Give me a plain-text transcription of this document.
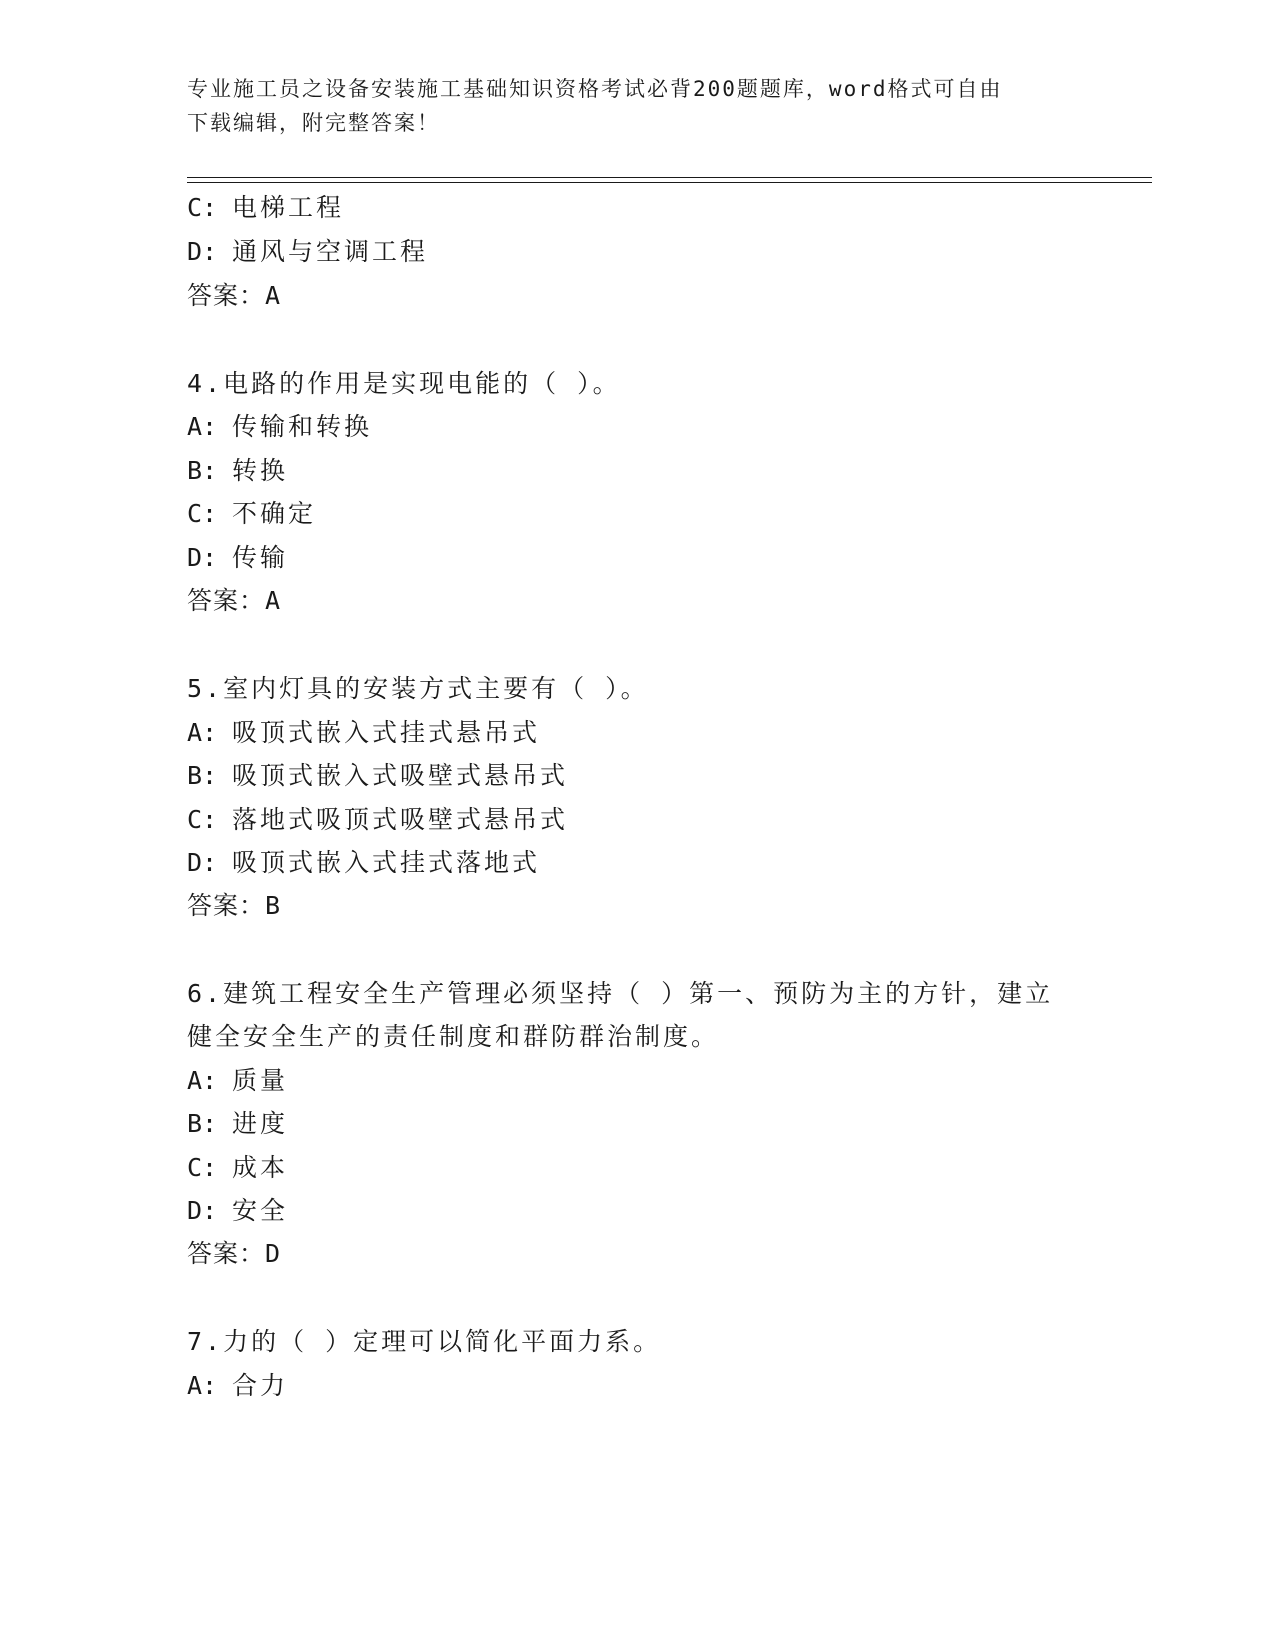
专业施工员之设备安装施工基础知识资格考试必背200题题库，word格式可自由
下载编辑，附完整答案！
C: 电梯工程
D: 通风与空调工程
答案：A
4.电路的作用是实现电能的（ ）。
A: 传输和转换
B: 转换
C: 不确定
D: 传输
答案：A
5.室内灯具的安装方式主要有（ ）。
A: 吸顶式嵌入式挂式悬吊式
B: 吸顶式嵌入式吸壁式悬吊式
C: 落地式吸顶式吸壁式悬吊式
D: 吸顶式嵌入式挂式落地式
答案：B
6.建筑工程安全生产管理必须坚持（ ）第一、预防为主的方针，建立
健全安全生产的责任制度和群防群治制度。
A: 质量
B: 进度
C: 成本
D: 安全
答案：D
7.力的（ ）定理可以简化平面力系。
A: 合力
